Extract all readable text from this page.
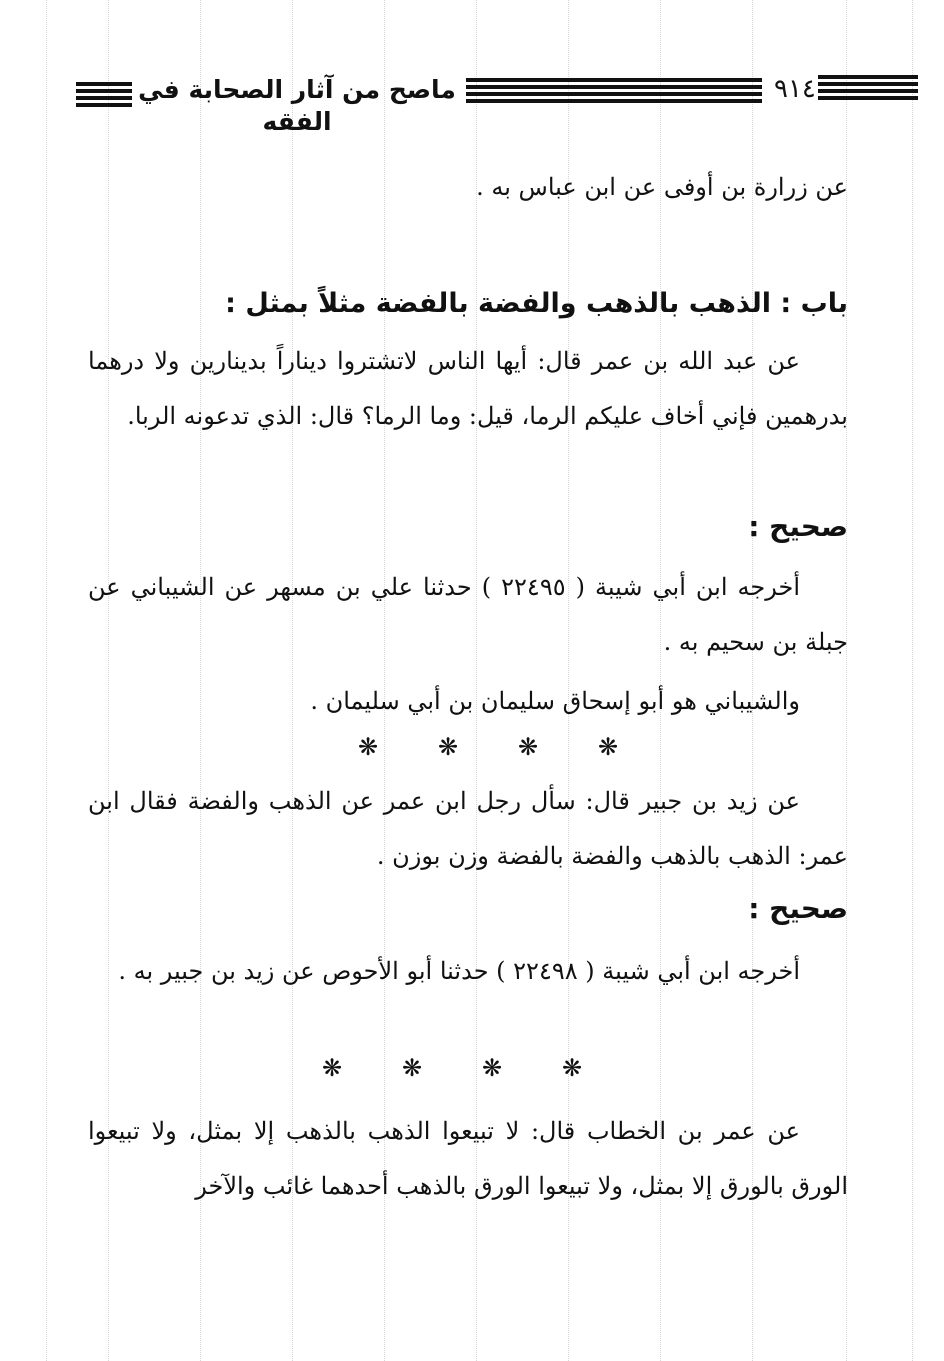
٩١٤
ماصح من آثار الصحابة في الفقه
عن زرارة بن أوفى عن ابن عباس به .
باب : الذهب بالذهب والفضة بالفضة مثلاً بمثل :
عن عبد الله بن عمر قال: أيها الناس لاتشتروا ديناراً بدينارين ولا درهما بدرهمين فإني أخاف عليكم الرما، قيل: وما الرما؟ قال: الذي تدعونه الربا.
صحيح :
أخرجه ابن أبي شيبة ( ٢٢٤٩٥ ) حدثنا علي بن مسهر عن الشيباني عن جبلة بن سحيم به .
والشيباني هو أبو إسحاق سليمان بن أبي سليمان .
❋❋❋❋
عن زيد بن جبير قال: سأل رجل ابن عمر عن الذهب والفضة فقال ابن عمر: الذهب بالذهب والفضة بالفضة وزن بوزن .
صحيح :
أخرجه ابن أبي شيبة ( ٢٢٤٩٨ ) حدثنا أبو الأحوص عن زيد بن جبير به .
❋❋❋❋
عن عمر بن الخطاب قال: لا تبيعوا الذهب بالذهب إلا بمثل، ولا تبيعوا الورق بالورق إلا بمثل، ولا تبيعوا الورق بالذهب أحدهما غائب والآخر
